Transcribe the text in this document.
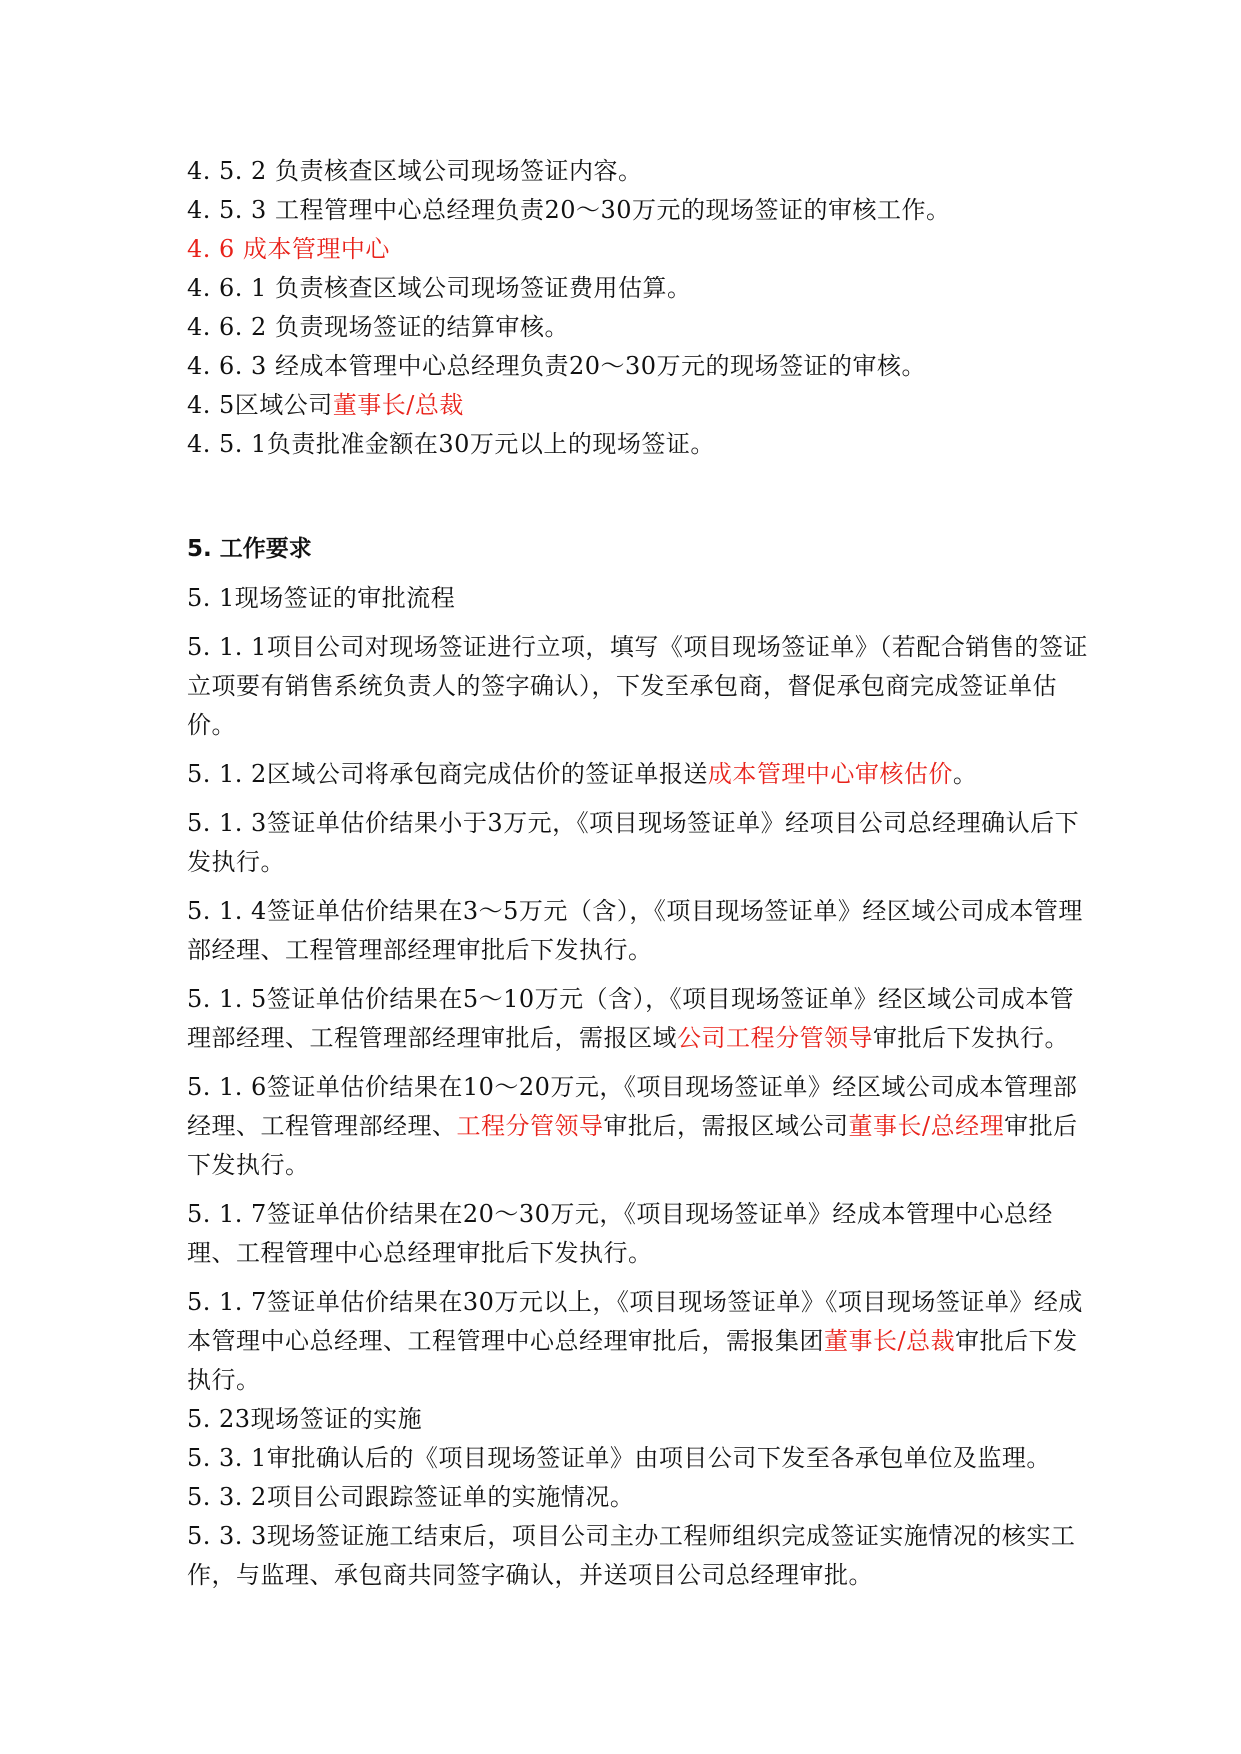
4. 5. 2 负责核查区域公司现场签证内容。
4. 5. 3 工程管理中心总经理负责20～30万元的现场签证的审核工作。
4. 6 成本管理中心
4. 6. 1 负责核查区域公司现场签证费用估算。
4. 6. 2 负责现场签证的结算审核。
4. 6. 3 经成本管理中心总经理负责20～30万元的现场签证的审核。
4. 5区域公司董事长/总裁
4. 5. 1负责批准金额在30万元以上的现场签证。
5. 工作要求
5. 1现场签证的审批流程
5. 1. 1项目公司对现场签证进行立项，填写《项目现场签证单》（若配合销售的签证立项要有销售系统负责人的签字确认），下发至承包商，督促承包商完成签证单估价。
5. 1. 2区域公司将承包商完成估价的签证单报送成本管理中心审核估价。
5. 1. 3签证单估价结果小于3万元，《项目现场签证单》经项目公司总经理确认后下发执行。
5. 1. 4签证单估价结果在3～5万元（含），《项目现场签证单》经区域公司成本管理部经理、工程管理部经理审批后下发执行。
5. 1. 5签证单估价结果在5～10万元（含），《项目现场签证单》经区域公司成本管理部经理、工程管理部经理审批后，需报区域公司工程分管领导审批后下发执行。
5. 1. 6签证单估价结果在10～20万元，《项目现场签证单》经区域公司成本管理部经理、工程管理部经理、工程分管领导审批后，需报区域公司董事长/总经理审批后下发执行。
5. 1. 7签证单估价结果在20～30万元，《项目现场签证单》经成本管理中心总经理、工程管理中心总经理审批后下发执行。
5. 1. 7签证单估价结果在30万元以上，《项目现场签证单》《项目现场签证单》经成本管理中心总经理、工程管理中心总经理审批后，需报集团董事长/总裁审批后下发执行。
5. 23现场签证的实施
5. 3. 1审批确认后的《项目现场签证单》由项目公司下发至各承包单位及监理。
5. 3. 2项目公司跟踪签证单的实施情况。
5. 3. 3现场签证施工结束后，项目公司主办工程师组织完成签证实施情况的核实工作，与监理、承包商共同签字确认，并送项目公司总经理审批。
